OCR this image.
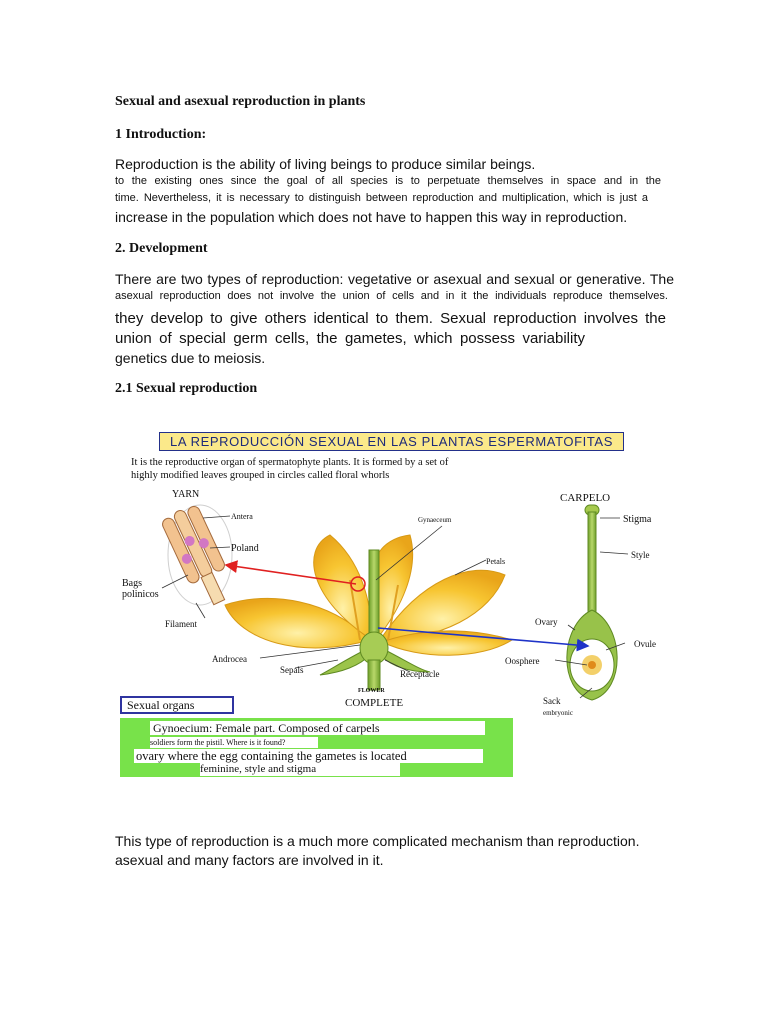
Sexual and asexual reproduction in plants
1 Introduction:
Reproduction is the ability of living beings to produce similar beings.
to the existing ones since the goal of all species is to perpetuate themselves in space and in the
time. Nevertheless, it is necessary to distinguish between reproduction and multiplication, which is just a
increase in the population which does not have to happen this way in reproduction.
2. Development
There are two types of reproduction: vegetative or asexual and sexual or generative. The
asexual reproduction does not involve the union of cells and in it the individuals reproduce themselves.
they develop to give others identical to them. Sexual reproduction involves the
union of special germ cells, the gametes, which possess variability
genetics due to meiosis.
2.1 Sexual reproduction
LA REPRODUCCIÓN SEXUAL EN LAS PLANTAS ESPERMATOFITAS
It is the reproductive organ of spermatophyte plants. It is formed by a set of
highly modified leaves grouped in circles called floral whorls
YARN
Antera
Poland
Bags
polinicos
Filament
Gynaeceum
Petals
Androcea
Sepals	Receptacle
FLOWER
COMPLETE
CARPELO
Stigma
Style
Ovary
Ovule
Oosphere
Sack
embryonic
Sexual organs
Gynoecium: Female part. Composed of carpels
soldiers form the pistil. Where is it found?
ovary where the egg containing the gametes is located
feminine, style and stigma
This type of reproduction is a much more complicated mechanism than reproduction.
asexual and many factors are involved in it.
